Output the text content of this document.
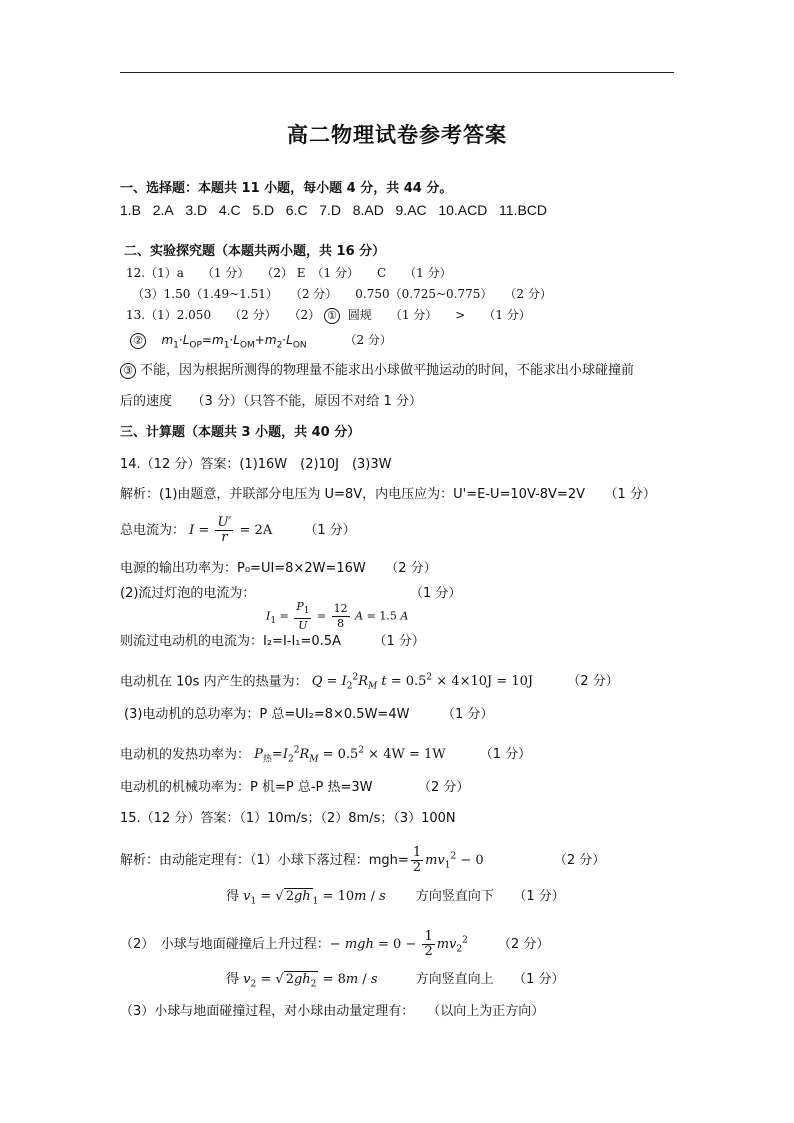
高二物理试卷参考答案
一、选择题：本题共 11 小题，每小题 4 分，共 44 分。
1.B 2.A 3.D 4.C 5.D 6.C 7.D 8.AD 9.AC 10.ACD 11.BCD
二、实验探究题（本题共两小题，共 16 分）
12.（1）a　　（1 分）　　（2） E　（1 分）　　C　　（1 分）
（3）1.50（1.49~1.51）　　（2 分）　　0.750（0.725~0.775）　　（2 分）
13.（1）2.050　　（2 分）　　（2） ① 圆规　　（1 分）　　>　　（1 分）
② $m_1\cdot L_{OP}=m_1\cdot L_{OM}+m_2\cdot L_{ON}$	（2 分）
③ 不能，因为根据所测得的物理量不能求出小球做平抛运动的时间，不能求出小球碰撞前
后的速度　　（3 分）（只答不能，原因不对给 1 分）
三、计算题（本题共 3 小题，共 40 分）
14.（12 分）答案：(1)16W　(2)10J　(3)3W
解析：(1)由题意，并联部分电压为 U=8V，内电压应为：U'=E-U=10V-8V=2V　　（1 分）
总电流为： $I = \frac{U'}{r} = 2A$ （1 分）
电源的输出功率为：P₀=UI=8×2W=16W　　（2 分）
(2)流过灯泡的电流为：
$I_1 = \frac{P_1}{U} = \frac{12}{8}$ A = 1.5 A
（1 分）
则流过电动机的电流为：I₂=I-I₁=0.5A　　　（1 分）
电动机在 10s 内产生的热量为： $Q = I_2^2R_M$ $t = 0.5^2 \times 4\times 10J = 10J$	（2 分）
(3)电动机的总功率为：P 总=UI₂=8×0.5W=4W　　　（1 分）
电动机的发热功率为： $P_热=I_2^2R_M = 0.5^2 \times 4W = 1W$	（1 分）
电动机的机械功率为：P 机=P 总-P 热=3W　　　　（2 分）
15.（12 分）答案：（1）10m/s；（2）8m/s；（3）100N
解析：由动能定理有：（1）小球下落过程：$mgh= \frac{1}{2} mv_1^2 - 0$	（2 分）
得 $v_1$ = √ 2gh $_1$ = 10m / s 方向竖直向下　　（1 分）
（2）　小球与地面碰撞后上升过程：− mgh = $0 - \frac{1}{2} mv_2^2$ （2 分）
得 $v_2$ = √ $2gh_2 = 8m / s$	方向竖直向上　　（1 分）
（3）小球与地面碰撞过程，对小球由动量定理有：　　（以向上为正方向）
